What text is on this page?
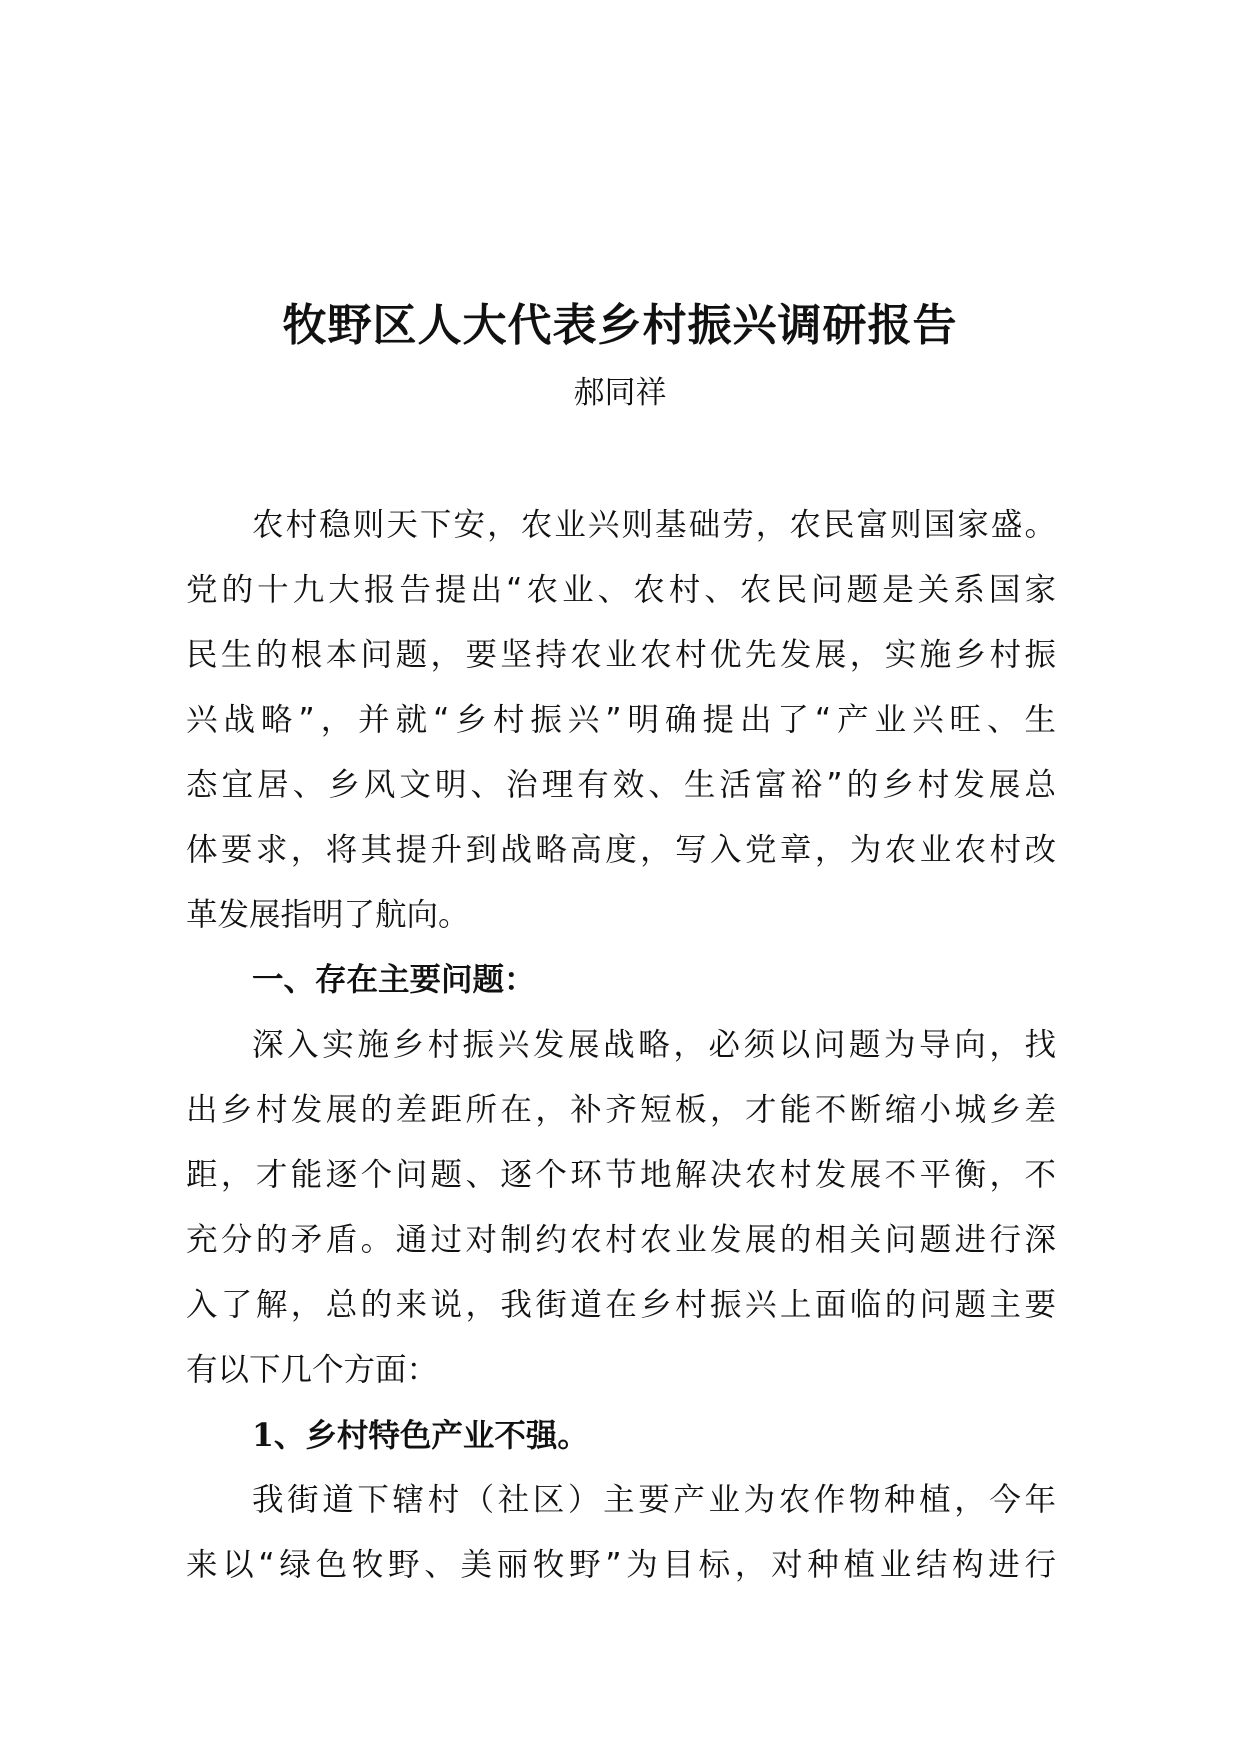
牧野区人大代表乡村振兴调研报告

郝同祥

农村稳则天下安，农业兴则基础劳，农民富则国家盛。
党的十九大报告提出“农业、农村、农民问题是关系国家
民生的根本问题，要坚持农业农村优先发展，实施乡村振
兴战略”，并就“乡村振兴”明确提出了“产业兴旺、生
态宜居、乡风文明、治理有效、生活富裕”的乡村发展总
体要求，将其提升到战略高度，写入党章，为农业农村改
革发展指明了航向。
一、存在主要问题：
深入实施乡村振兴发展战略，必须以问题为导向，找
出乡村发展的差距所在，补齐短板，才能不断缩小城乡差
距，才能逐个问题、逐个环节地解决农村发展不平衡，不
充分的矛盾。通过对制约农村农业发展的相关问题进行深
入了解，总的来说，我街道在乡村振兴上面临的问题主要
有以下几个方面：
1、乡村特色产业不强。
我街道下辖村（社区）主要产业为农作物种植，今年
来以“绿色牧野、美丽牧野”为目标，对种植业结构进行
